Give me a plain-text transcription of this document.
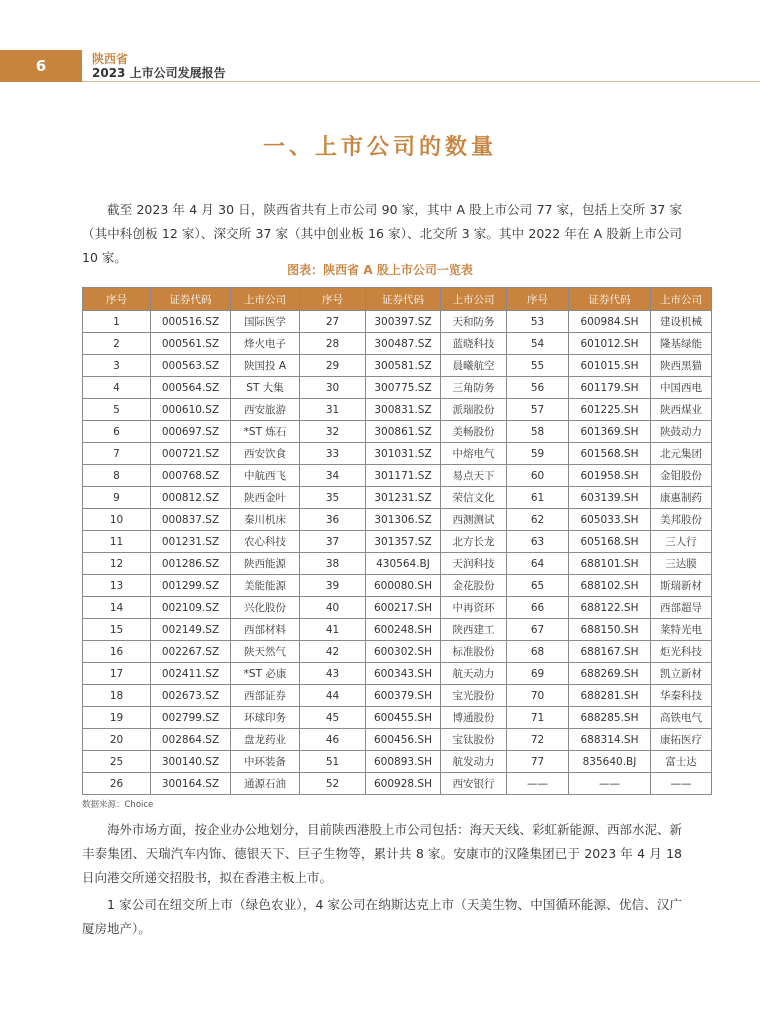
6	陕西省
2023 上市公司发展报告
一、上市公司的数量
截至 2023 年 4 月 30 日，陕西省共有上市公司 90 家，其中 A 股上市公司 77 家，包括上交所 37 家（其中科创板 12 家）、深交所 37 家（其中创业板 16 家）、北交所 3 家。其中 2022 年在 A 股新上市公司 10 家。
图表：陕西省 A 股上市公司一览表
序号	证券代码	上市公司	序号	证券代码	上市公司	序号	证券代码	上市公司
1	000516.SZ	国际医学	27	300397.SZ	天和防务	53	600984.SH	建设机械
2	000561.SZ	烽火电子	28	300487.SZ	蓝晓科技	54	601012.SH	隆基绿能
3	000563.SZ	陕国投 A	29	300581.SZ	晨曦航空	55	601015.SH	陕西黑猫
4	000564.SZ	ST 大集	30	300775.SZ	三角防务	56	601179.SH	中国西电
5	000610.SZ	西安旅游	31	300831.SZ	派瑞股份	57	601225.SH	陕西煤业
6	000697.SZ	*ST 炼石	32	300861.SZ	美畅股份	58	601369.SH	陕鼓动力
7	000721.SZ	西安饮食	33	301031.SZ	中熔电气	59	601568.SH	北元集团
8	000768.SZ	中航西飞	34	301171.SZ	易点天下	60	601958.SH	金钼股份
9	000812.SZ	陕西金叶	35	301231.SZ	荣信文化	61	603139.SH	康惠制药
10	000837.SZ	秦川机床	36	301306.SZ	西测测试	62	605033.SH	美邦股份
11	001231.SZ	农心科技	37	301357.SZ	北方长龙	63	605168.SH	三人行
12	001286.SZ	陕西能源	38	430564.BJ	天润科技	64	688101.SH	三达膜
13	001299.SZ	美能能源	39	600080.SH	金花股份	65	688102.SH	斯瑞新材
14	002109.SZ	兴化股份	40	600217.SH	中再资环	66	688122.SH	西部超导
15	002149.SZ	西部材料	41	600248.SH	陕西建工	67	688150.SH	莱特光电
16	002267.SZ	陕天然气	42	600302.SH	标准股份	68	688167.SH	炬光科技
17	002411.SZ	*ST 必康	43	600343.SH	航天动力	69	688269.SH	凯立新材
18	002673.SZ	西部证券	44	600379.SH	宝光股份	70	688281.SH	华秦科技
19	002799.SZ	环球印务	45	600455.SH	博通股份	71	688285.SH	高铁电气
20	002864.SZ	盘龙药业	46	600456.SH	宝钛股份	72	688314.SH	康拓医疗
25	300140.SZ	中环装备	51	600893.SH	航发动力	77	835640.BJ	富士达
26	300164.SZ	通源石油	52	600928.SH	西安银行	——	——	——
数据来源：Choice
海外市场方面，按企业办公地划分，目前陕西港股上市公司包括：海天天线、彩虹新能源、西部水泥、新丰泰集团、天瑞汽车内饰、德银天下、巨子生物等，累计共 8 家。安康市的汉隆集团已于 2023 年 4 月 18 日向港交所递交招股书，拟在香港主板上市。
1 家公司在纽交所上市（绿色农业），4 家公司在纳斯达克上市（天美生物、中国循环能源、优信、汉广厦房地产）。
